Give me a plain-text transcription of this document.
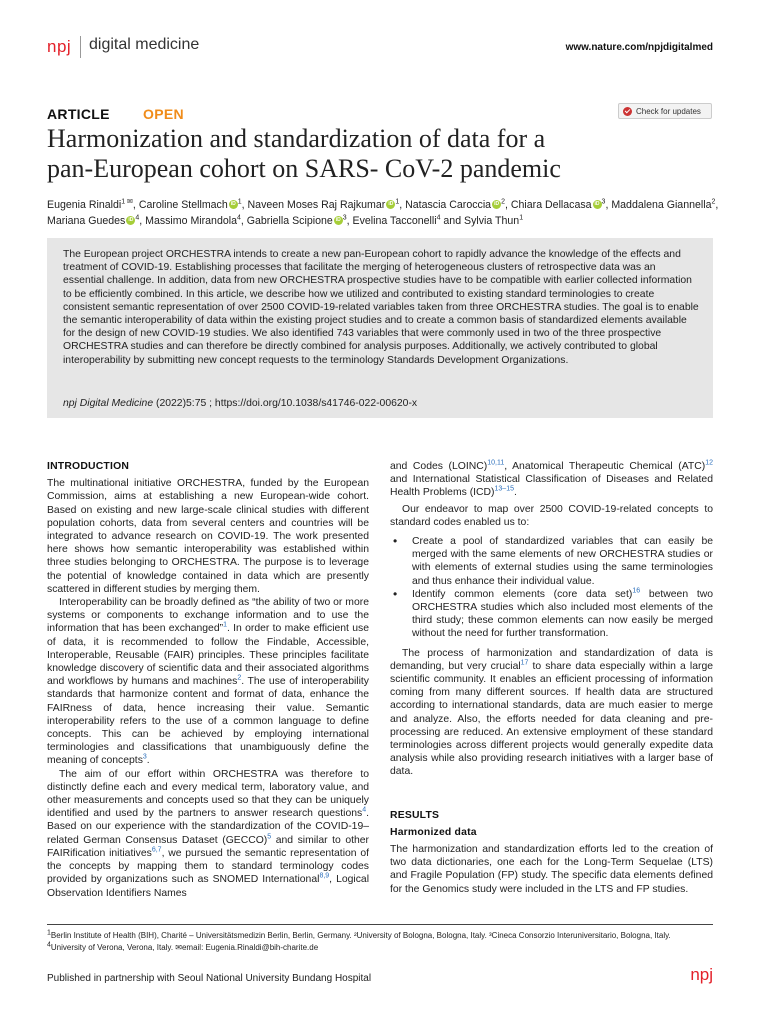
npj digital medicine	www.nature.com/npjdigitalmed
ARTICLE OPEN	Check for updates
Harmonization and standardization of data for a
pan-European cohort on SARS- CoV-2 pandemic
Eugenia Rinaldi$^{1 ✉}$, Caroline Stellmach iD $^1$, Naveen Moses Raj Rajkumar iD $^1$, Natascia Caroccia iD $^2$, Chiara Dellacasa iD $^3$, Maddalena Giannella$^2$, Mariana Guedes iD $^4$, Massimo Mirandola$^4$, Gabriella Scipione iD $^3$, Evelina Tacconelli$^4$ and Sylvia Thun$^1$
The European project ORCHESTRA intends to create a new pan-European cohort to rapidly advance the knowledge of the effects and treatment of COVID-19. Establishing processes that facilitate the merging of heterogeneous clusters of retrospective data was an essential challenge. In addition, data from new ORCHESTRA prospective studies have to be compatible with earlier collected information to be efficiently combined. In this article, we describe how we utilized and contributed to existing standard terminologies to create consistent semantic representation of over 2500 COVID-19-related variables taken from three ORCHESTRA studies. The goal is to enable the semantic interoperability of data within the existing project studies and to create a common basis of standardized elements available for the design of new COVID-19 studies. We also identified 743 variables that were commonly used in two of the three prospective ORCHESTRA studies and can therefore be directly combined for analysis purposes. Additionally, we actively contributed to global interoperability by submitting new concept requests to the terminology Standards Development Organizations.
npj Digital Medicine (2022)5:75 ; https://doi.org/10.1038/s41746-022-00620-x

INTRODUCTION

The multinational initiative ORCHESTRA, funded by the European Commission, aims at establishing a new European-wide cohort. Based on existing and new large-scale clinical studies with different population cohorts, data from several centers and countries will be integrated to advance research on COVID-19. The work presented here shows how semantic interoperability was established within three studies belonging to ORCHESTRA. The purpose is to leverage the potential of knowledge contained in data which are presently scattered in different studies by merging them.

Interoperability can be broadly defined as “the ability of two or more systems or components to exchange information and to use the information that has been exchanged”$^1$. In order to make efficient use of data, it is recommended to follow the Findable, Accessible, Interoperable, Reusable (FAIR) principles. These principles facilitate knowledge discovery of scientific data and their associated algorithms and workflows by humans and machines$^2$. The use of interoperability standards that harmonize content and format of data, enhance the FAIRness of data, hence increasing their value. Semantic interoperability refers to the use of a common language to define concepts. This can be achieved by employing international terminologies and classifications that unambiguously define the meaning of concepts$^3$.

The aim of our effort within ORCHESTRA was therefore to distinctly define each and every medical term, laboratory value, and other measurements and concepts used so that they can be uniquely identified and used by the partners to answer research questions$^4$. Based on our experience with the standardization of the COVID-19–related German Consensus Dataset (GECCO)$^5$ and similar to other FAIRification initiatives$^{6,7}$, we pursued the semantic representation of the concepts by mapping them to standard terminology codes provided by organizations such as SNOMED International$^{8,9}$, Logical Observation Identifiers Names

and Codes (LOINC)$^{10,11}$, Anatomical Therapeutic Chemical (ATC)$^{12}$ and International Statistical Classification of Diseases and Related Health Problems (ICD)$^{13-15}$.

Our endeavor to map over 2500 COVID-19-related concepts to standard codes enabled us to:

• Create a pool of standardized variables that can easily be merged with the same elements of new ORCHESTRA studies or with elements of external studies using the same terminologies and thus enhance their individual value.
• Identify common elements (core data set)$^{16}$ between two ORCHESTRA studies which also included most elements of the third study; these common elements can now easily be merged without the need for further transformation.

The process of harmonization and standardization of data is demanding, but very crucial$^{17}$ to share data especially within a large scientific community. It enables an efficient processing of information coming from many different sources. If health data are structured according to international standards, data are much easier to merge and analyze. Also, the efforts needed for data cleaning and pre-processing are reduced. An extensive employment of these standard terminologies across different projects would generally expedite data analysis while also providing research initiatives with a larger base of data.

RESULTS

Harmonized data

The harmonization and standardization efforts led to the creation of two data dictionaries, one each for the Long-Term Sequelae (LTS) and Fragile Population (FP) study. The specific data elements defined for the Genomics study were included in the LTS and FP studies.

$^1$Berlin Institute of Health (BIH), Charité – Universitätsmedizin Berlin, Berlin, Germany. ²University of Bologna, Bologna, Italy. ³Cineca Consorzio Interuniversitario, Bologna, Italy.
$^4$University of Verona, Verona, Italy. ✉email: Eugenia.Rinaldi@bih-charite.de
Published in partnership with Seoul National University Bundang Hospital	npj
